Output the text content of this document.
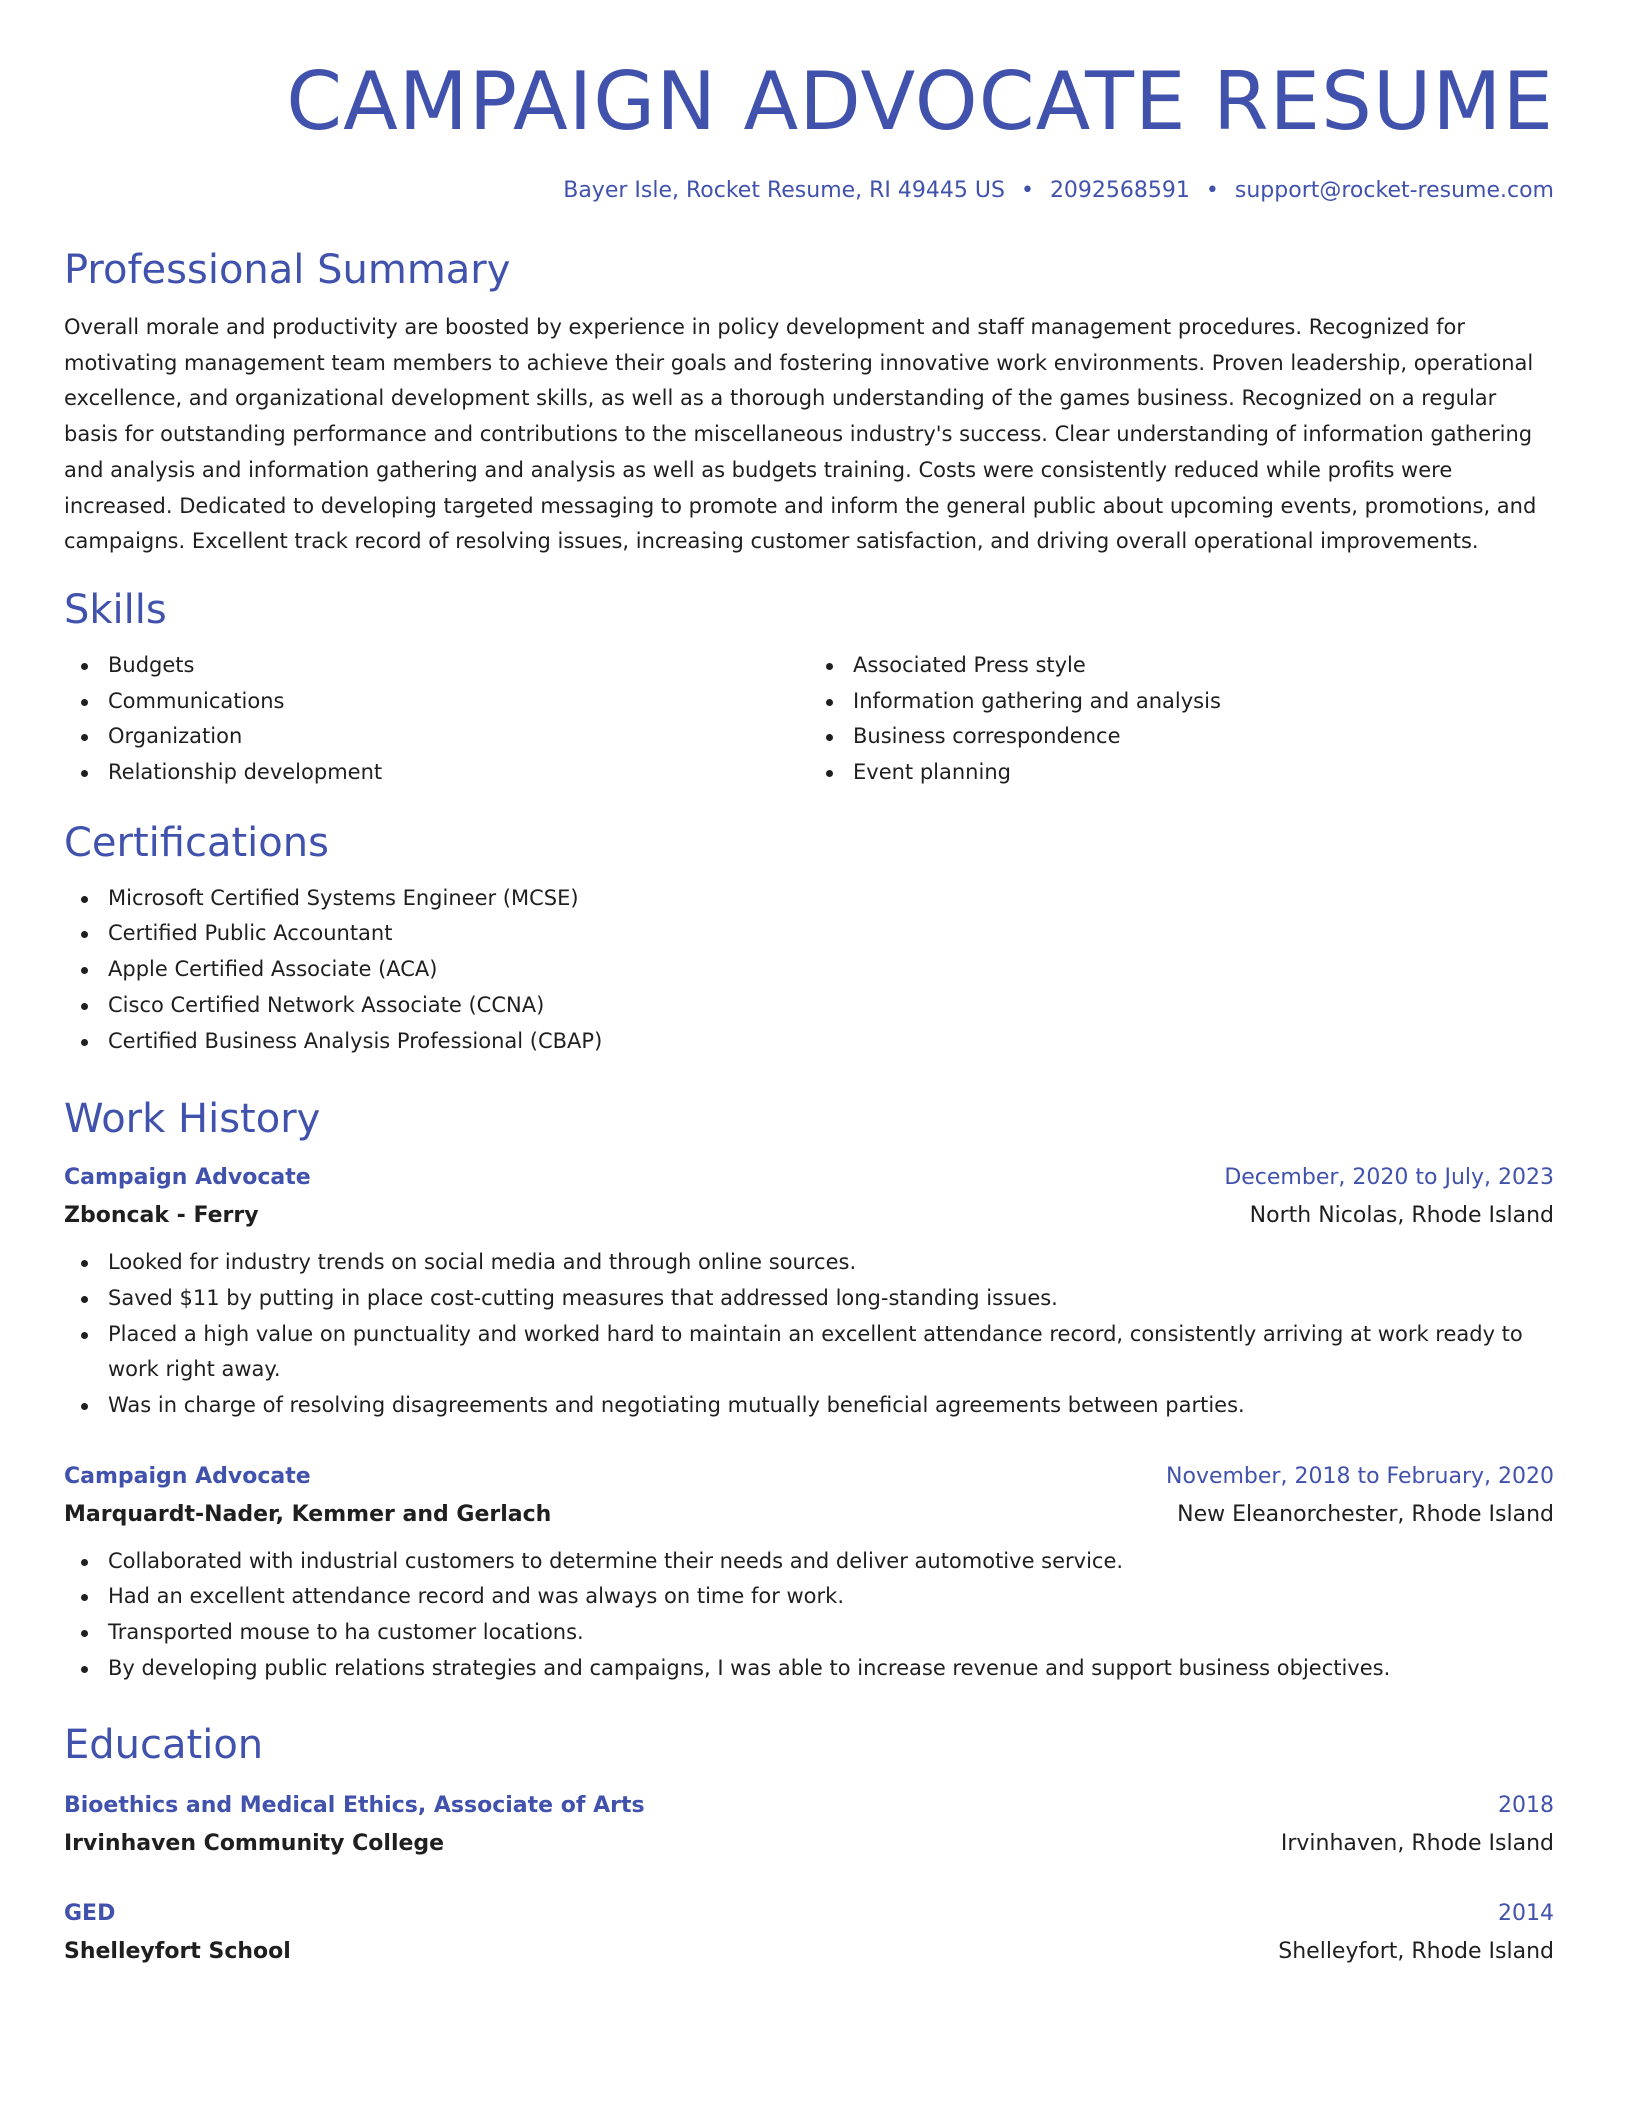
CAMPAIGN ADVOCATE RESUME
Bayer Isle, Rocket Resume, RI 49445 US • 2092568591 • support@rocket-resume.com
Professional Summary
Overall morale and productivity are boosted by experience in policy development and staff management procedures. Recognized for motivating management team members to achieve their goals and fostering innovative work environments. Proven leadership, operational excellence, and organizational development skills, as well as a thorough understanding of the games business. Recognized on a regular basis for outstanding performance and contributions to the miscellaneous industry's success. Clear understanding of information gathering and analysis and information gathering and analysis as well as budgets training. Costs were consistently reduced while profits were increased. Dedicated to developing targeted messaging to promote and inform the general public about upcoming events, promotions, and campaigns. Excellent track record of resolving issues, increasing customer satisfaction, and driving overall operational improvements.
Skills
Budgets
Communications
Organization
Relationship development
Associated Press style
Information gathering and analysis
Business correspondence
Event planning
Certifications
Microsoft Certified Systems Engineer (MCSE)
Certified Public Accountant
Apple Certified Associate (ACA)
Cisco Certified Network Associate (CCNA)
Certified Business Analysis Professional (CBAP)
Work History
Campaign Advocate	December, 2020 to July, 2023
Zboncak - Ferry	North Nicolas, Rhode Island
Looked for industry trends on social media and through online sources.
Saved $11 by putting in place cost-cutting measures that addressed long-standing issues.
Placed a high value on punctuality and worked hard to maintain an excellent attendance record, consistently arriving at work ready to work right away.
Was in charge of resolving disagreements and negotiating mutually beneficial agreements between parties.
Campaign Advocate	November, 2018 to February, 2020
Marquardt-Nader, Kemmer and Gerlach	New Eleanorchester, Rhode Island
Collaborated with industrial customers to determine their needs and deliver automotive service.
Had an excellent attendance record and was always on time for work.
Transported mouse to ha customer locations.
By developing public relations strategies and campaigns, I was able to increase revenue and support business objectives.
Education
Bioethics and Medical Ethics, Associate of Arts	2018
Irvinhaven Community College	Irvinhaven, Rhode Island
GED	2014
Shelleyfort School	Shelleyfort, Rhode Island
